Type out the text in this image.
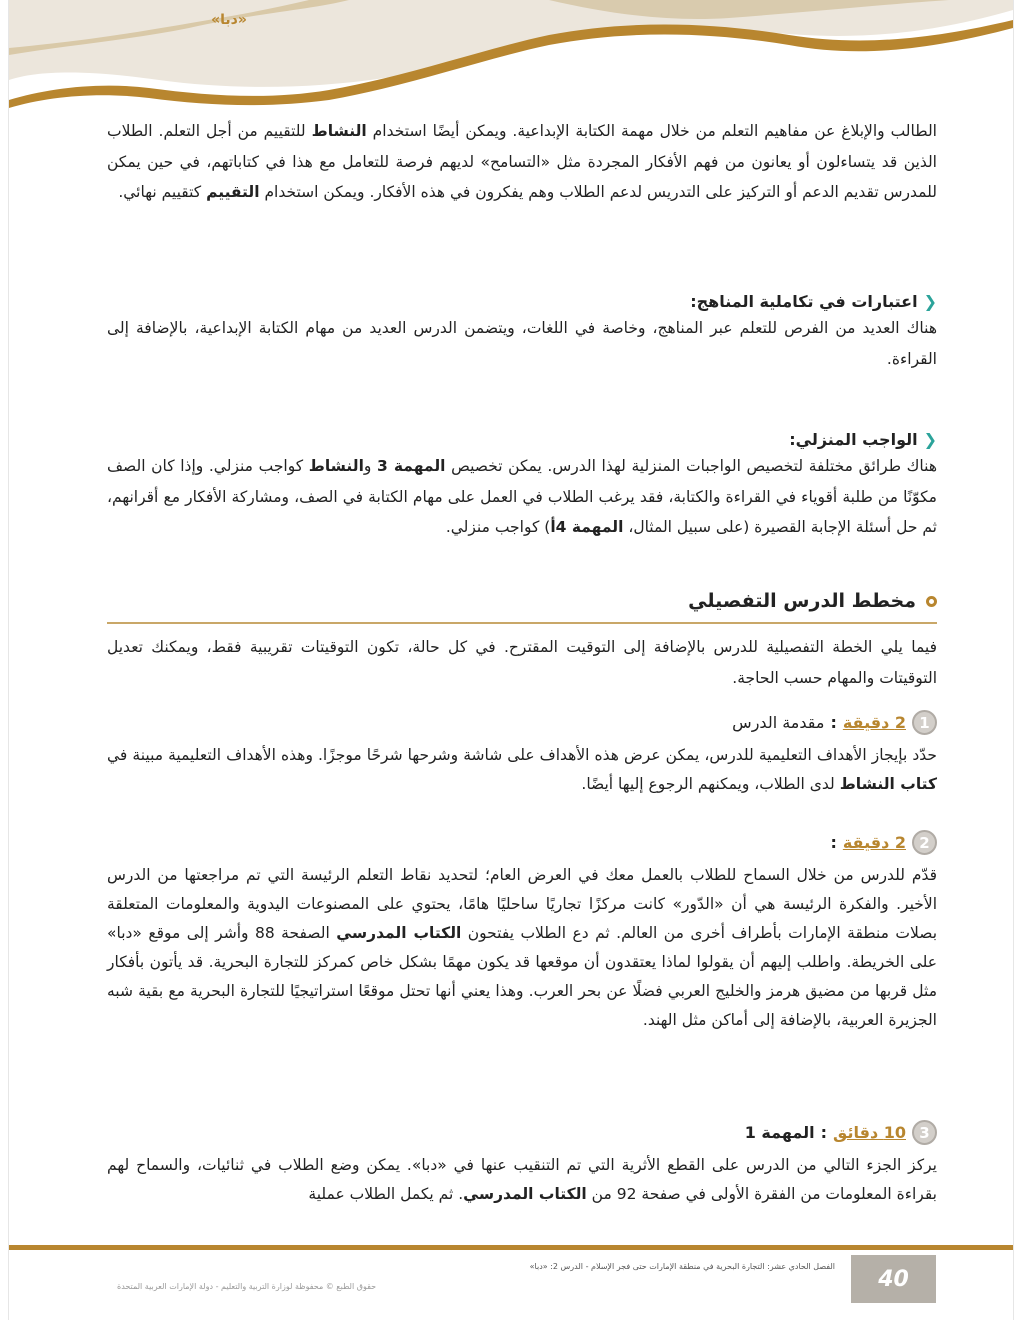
«دبا»

الطالب والإبلاغ عن مفاهيم التعلم من خلال مهمة الكتابة الإبداعية. ويمكن أيضًا استخدام النشاط للتقييم من أجل التعلم. الطلاب الذين قد يتساءلون أو يعانون من فهم الأفكار المجردة مثل «التسامح» لديهم فرصة للتعامل مع هذا في كتاباتهم، في حين يمكن للمدرس تقديم الدعم أو التركيز على التدريس لدعم الطلاب وهم يفكرون في هذه الأفكار. ويمكن استخدام التقييم كتقييم نهائي.

❮
اعتبارات في تكاملية المناهج:

هناك العديد من الفرص للتعلم عبر المناهج، وخاصة في اللغات، ويتضمن الدرس العديد من مهام الكتابة الإبداعية، بالإضافة إلى القراءة.

❮
الواجب المنزلي:

هناك طرائق مختلفة لتخصيص الواجبات المنزلية لهذا الدرس. يمكن تخصيص المهمة 3 والنشاط كواجب منزلي. وإذا كان الصف مكوّنًا من طلبة أقوياء في القراءة والكتابة، فقد يرغب الطلاب في العمل على مهام الكتابة في الصف، ومشاركة الأفكار مع أقرانهم، ثم حل أسئلة الإجابة القصيرة (على سبيل المثال، المهمة 4أ) كواجب منزلي.

مخطط الدرس التفصيلي

فيما يلي الخطة التفصيلية للدرس بالإضافة إلى التوقيت المقترح. في كل حالة، تكون التوقيتات تقريبية فقط، ويمكنك تعديل التوقيتات والمهام حسب الحاجة.

1
2 دقيقة
:
مقدمة الدرس

حدّد بإيجاز الأهداف التعليمية للدرس، يمكن عرض هذه الأهداف على شاشة وشرحها شرحًا موجزًا. وهذه الأهداف التعليمية مبينة في كتاب النشاط لدى الطلاب، ويمكنهم الرجوع إليها أيضًا.

2
2 دقيقة
:

قدّم للدرس من خلال السماح للطلاب بالعمل معك في العرض العام؛ لتحديد نقاط التعلم الرئيسة التي تم مراجعتها من الدرس الأخير. والفكرة الرئيسة هي أن «الدّور» كانت مركزًا تجاريًا ساحليًا هامًا، يحتوي على المصنوعات اليدوية والمعلومات المتعلقة بصلات منطقة الإمارات بأطراف أخرى من العالم. ثم دع الطلاب يفتحون الكتاب المدرسي الصفحة 88 وأشر إلى موقع «دبا» على الخريطة. واطلب إليهم أن يقولوا لماذا يعتقدون أن موقعها قد يكون مهمًا بشكل خاص كمركز للتجارة البحرية. قد يأتون بأفكار مثل قربها من مضيق هرمز والخليج العربي فضلًا عن بحر العرب. وهذا يعني أنها تحتل موقعًا استراتيجيًا للتجارة البحرية مع بقية شبه الجزيرة العربية، بالإضافة إلى أماكن مثل الهند.

3
10 دقائق
:
المهمة 1

يركز الجزء التالي من الدرس على القطع الأثرية التي تم التنقيب عنها في «دبا». يمكن وضع الطلاب في ثنائيات، والسماح لهم بقراءة المعلومات من الفقرة الأولى في صفحة 92 من الكتاب المدرسي. ثم يكمل الطلاب عملية

40
الفصل الحادي عشر: التجارة البحرية في منطقة الإمارات حتى فجر الإسلام - الدرس 2: «دبا»
حقوق الطبع © محفوظة لوزارة التربية والتعليم - دولة الإمارات العربية المتحدة
